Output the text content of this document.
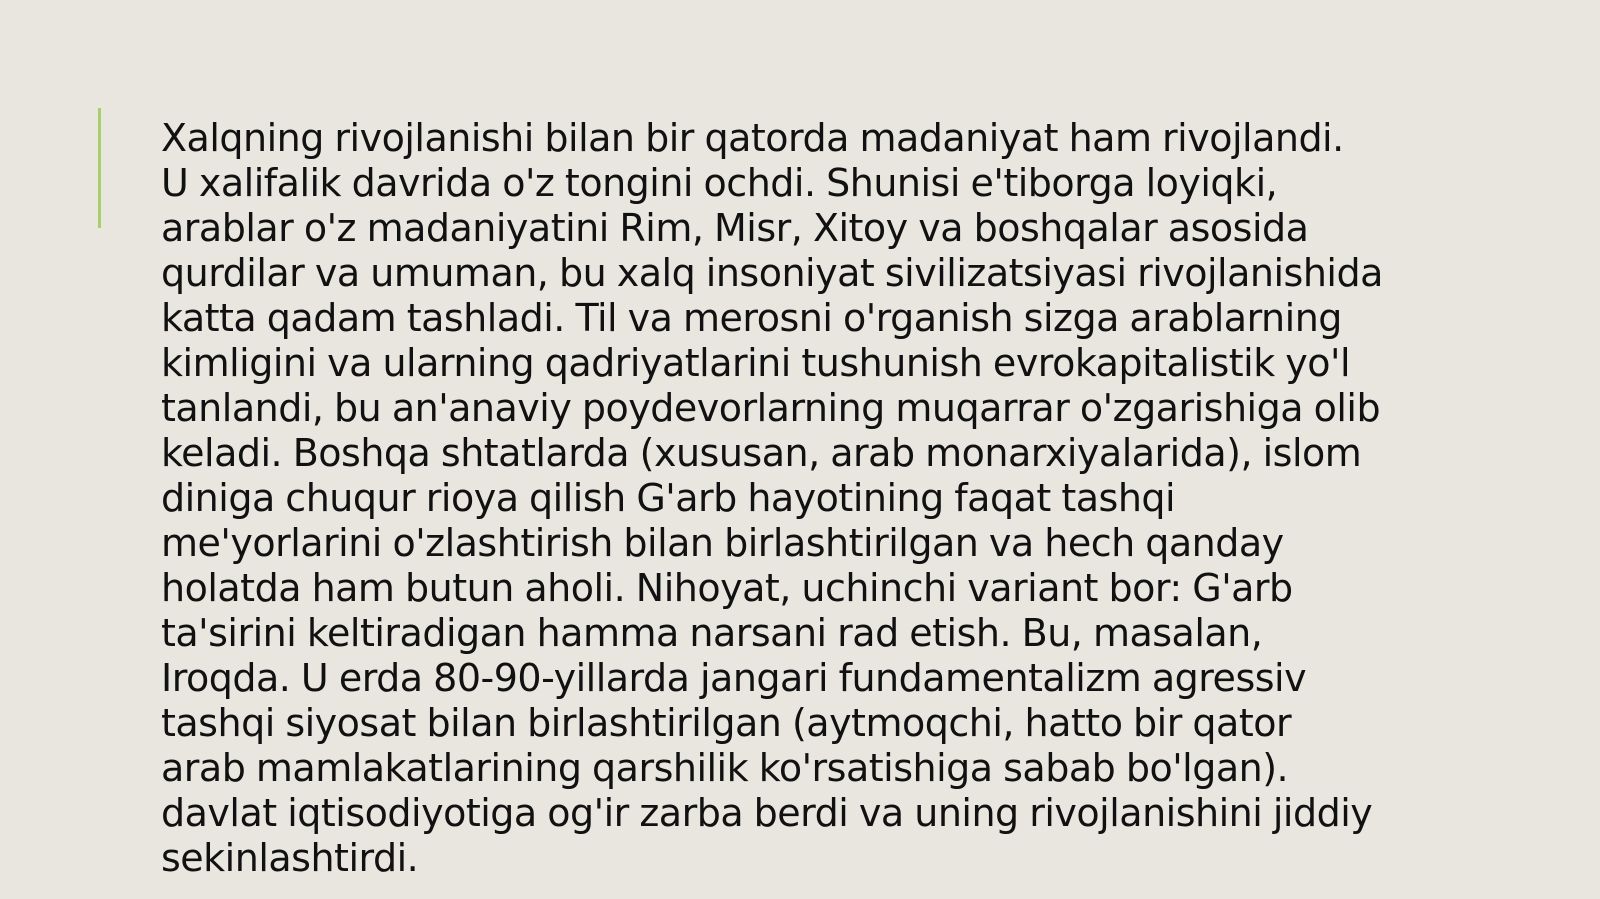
Xalqning rivojlanishi bilan bir qatorda madaniyat ham rivojlandi.
U xalifalik davrida o'z tongini ochdi. Shunisi e'tiborga loyiqki,
arablar o'z madaniyatini Rim, Misr, Xitoy va boshqalar asosida
qurdilar va umuman, bu xalq insoniyat sivilizatsiyasi rivojlanishida
katta qadam tashladi. Til va merosni o'rganish sizga arablarning
kimligini va ularning qadriyatlarini tushunish evrokapitalistik yo'l
tanlandi, bu an'anaviy poydevorlarning muqarrar o'zgarishiga olib
keladi. Boshqa shtatlarda (xususan, arab monarxiyalarida), islom
diniga chuqur rioya qilish G'arb hayotining faqat tashqi
me'yorlarini o'zlashtirish bilan birlashtirilgan va hech qanday
holatda ham butun aholi. Nihoyat, uchinchi variant bor: G'arb
ta'sirini keltiradigan hamma narsani rad etish. Bu, masalan,
Iroqda. U erda 80-90-yillarda jangari fundamentalizm agressiv
tashqi siyosat bilan birlashtirilgan (aytmoqchi, hatto bir qator
arab mamlakatlarining qarshilik ko'rsatishiga sabab bo'lgan).
davlat iqtisodiyotiga og'ir zarba berdi va uning rivojlanishini jiddiy
sekinlashtirdi.
